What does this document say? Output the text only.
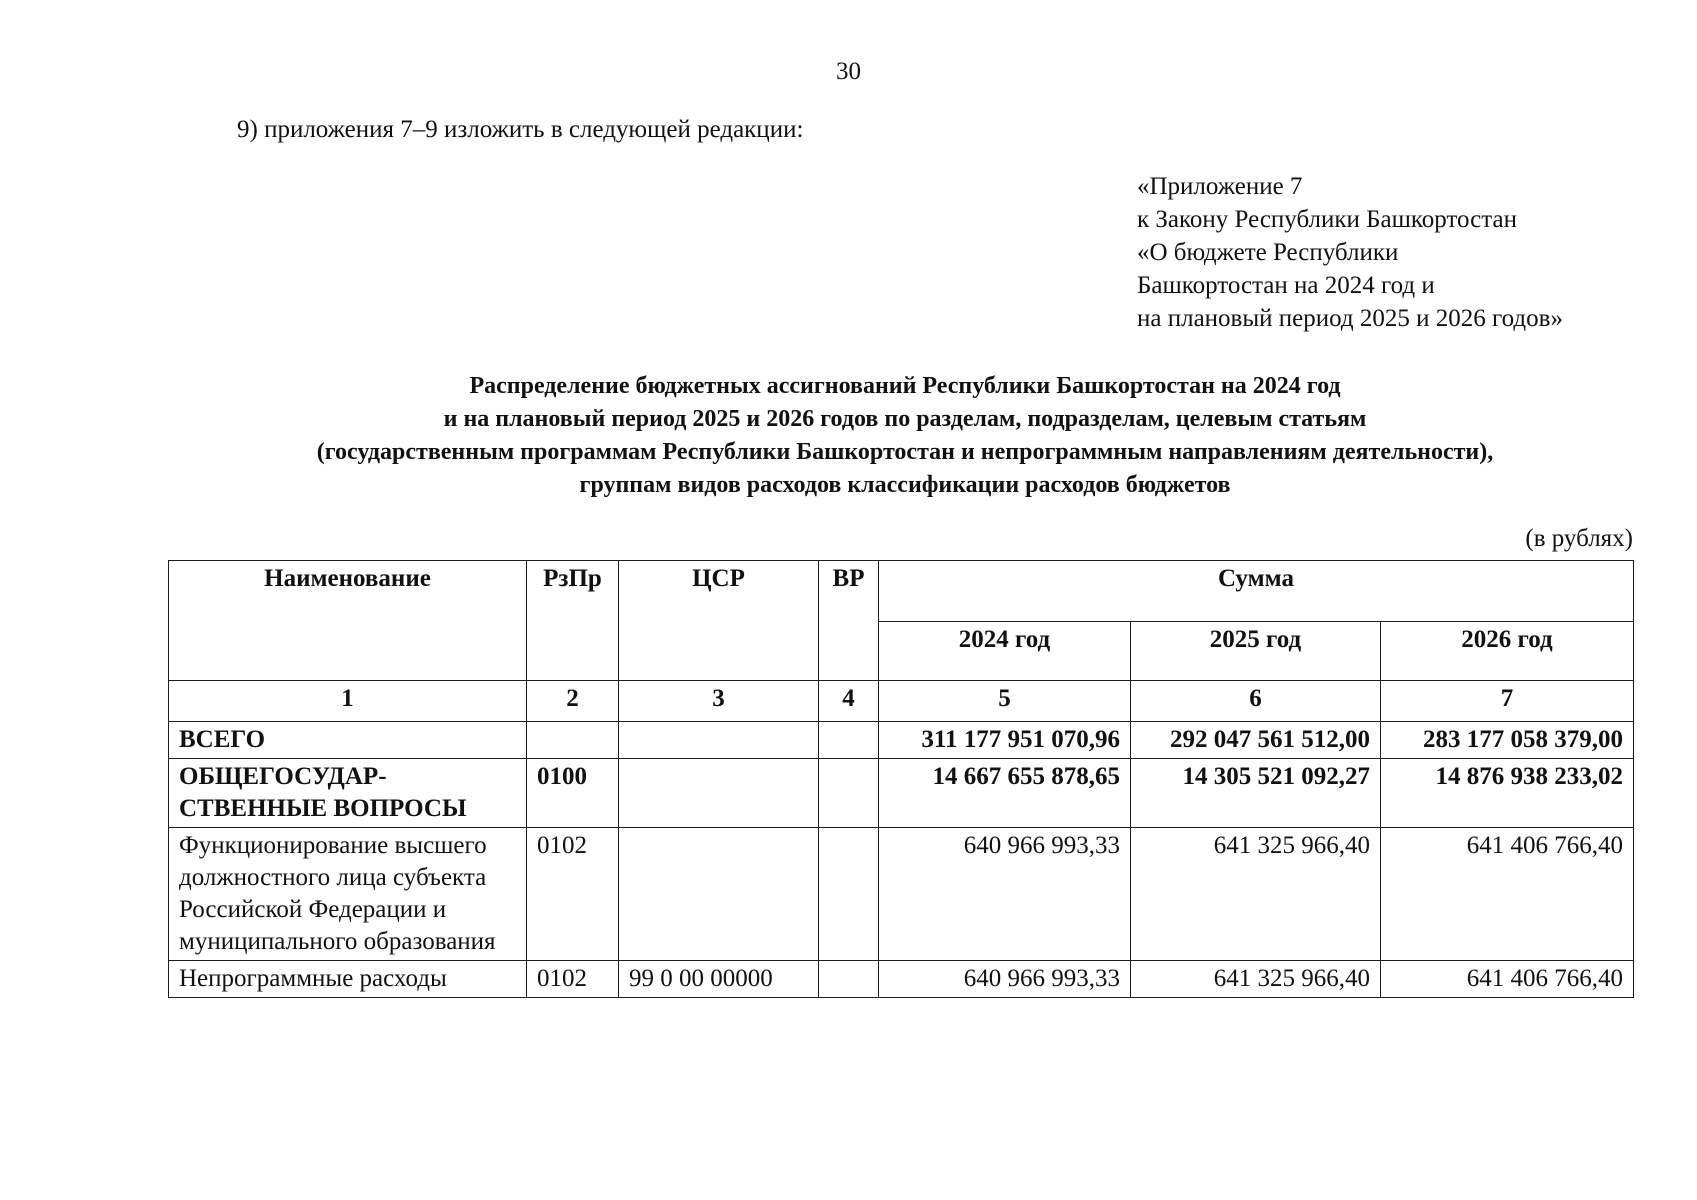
30
9) приложения 7–9 изложить в следующей редакции:
«Приложение 7
к Закону Республики Башкортостан
«О бюджете Республики
Башкортостан на 2024 год и
на плановый период 2025 и 2026 годов»
Распределение бюджетных ассигнований Республики Башкортостан на 2024 год
и на плановый период 2025 и 2026 годов по разделам, подразделам, целевым статьям
(государственным программам Республики Башкортостан и непрограммным направлениям деятельности),
группам видов расходов классификации расходов бюджетов
(в рублях)
Наименование	РзПр	ЦСР	ВР	Сумма		
				2024 год	2025 год	2026 год
1	2	3	4	5	6	7
ВСЕГО				311 177 951 070,96	292 047 561 512,00	283 177 058 379,00
ОБЩЕГОСУДАР-СТВЕННЫЕ ВОПРОСЫ	0100			14 667 655 878,65	14 305 521 092,27	14 876 938 233,02
Функционирование высшего должностного лица субъекта Российской Федерации и муниципального образования	0102			640 966 993,33	641 325 966,40	641 406 766,40
Непрограммные расходы	0102	99 0 00 00000		640 966 993,33	641 325 966,40	641 406 766,40
